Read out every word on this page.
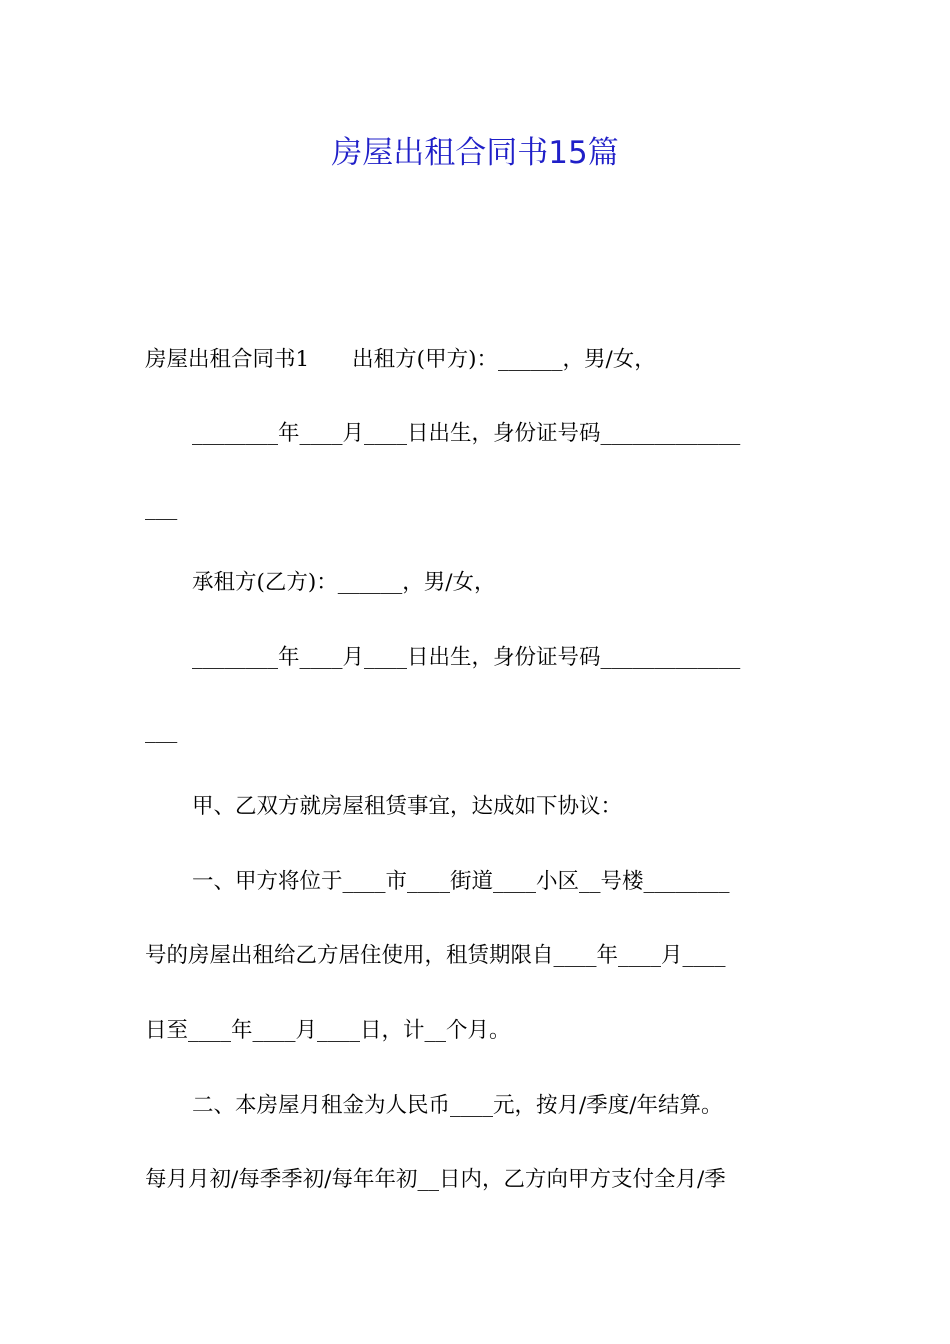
房屋出租合同书15篇
房屋出租合同书1　　出租方(甲方)：______，男/女，
________年____月____日出生，身份证号码_____________
___
承租方(乙方)：______，男/女，
________年____月____日出生，身份证号码_____________
___
甲、乙双方就房屋租赁事宜，达成如下协议：
一、甲方将位于____市____街道____小区__号楼________
号的房屋出租给乙方居住使用，租赁期限自____年____月____
日至____年____月____日，计__个月。
二、本房屋月租金为人民币____元，按月/季度/年结算。
每月月初/每季季初/每年年初__日内，乙方向甲方支付全月/季
